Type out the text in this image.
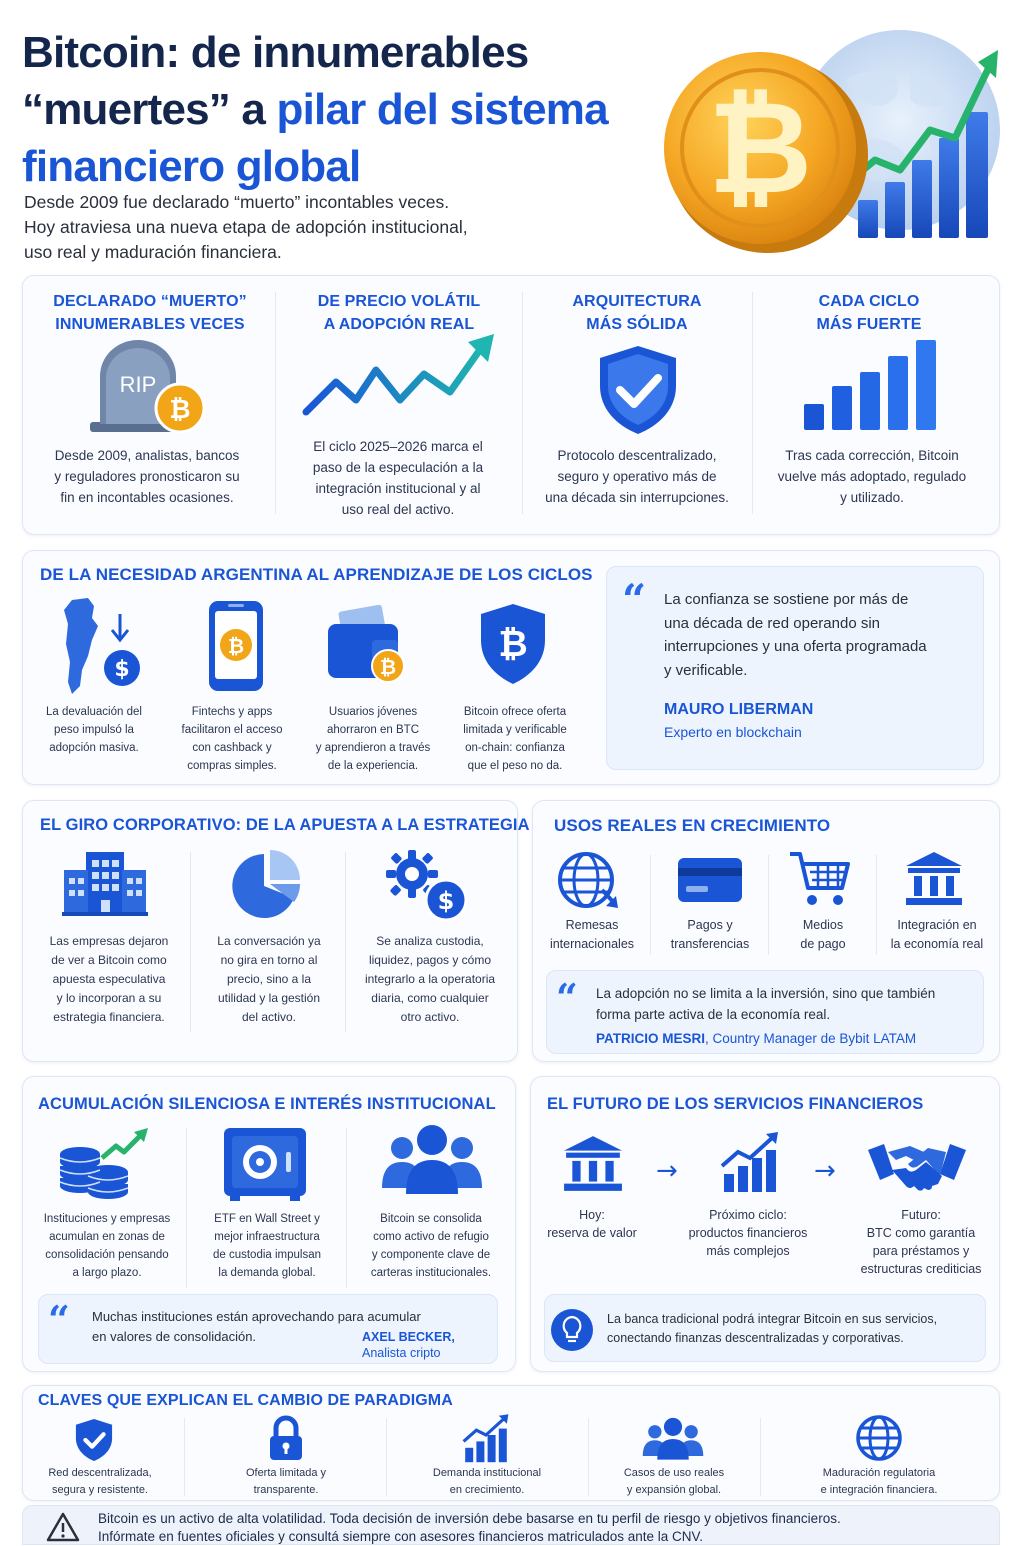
Bitcoin: de innumerables
“muertes” a pilar del sistema
financiero global
Desde 2009 fue declarado “muerto” incontables veces.
Hoy atraviesa una nueva etapa de adopción institucional,
uso real y maduración financiera.
₿
DECLARADO “MUERTO”
INNUMERABLES VECES
RIP
₿
Desde 2009, analistas, bancos
y reguladores pronosticaron su
fin en incontables ocasiones.
DE PRECIO VOLÁTIL
A ADOPCIÓN REAL
El ciclo 2025–2026 marca el
paso de la especulación a la
integración institucional y al
uso real del activo.
ARQUITECTURA
MÁS SÓLIDA
Protocolo descentralizado,
seguro y operativo más de
una década sin interrupciones.
CADA CICLO
MÁS FUERTE
Tras cada corrección, Bitcoin
vuelve más adoptado, regulado
y utilizado.
DE LA NECESIDAD ARGENTINA AL APRENDIZAJE DE LOS CICLOS
$
La devaluación del
peso impulsó la
adopción masiva.
₿
Fintechs y apps
facilitaron el acceso
con cashback y
compras simples.
₿
Usuarios jóvenes
ahorraron en BTC
y aprendieron a través
de la experiencia.
₿
Bitcoin ofrece oferta
limitada y verificable
on-chain: confianza
que el peso no da.
“ La confianza se sostiene por más de
una década de red operando sin
interrupciones y una oferta programada
y verificable.
MAURO LIBERMAN
Experto en blockchain
EL GIRO CORPORATIVO: DE LA APUESTA A LA ESTRATEGIA
Las empresas dejaron
de ver a Bitcoin como
apuesta especulativa
y lo incorporan a su
estrategia financiera.
La conversación ya
no gira en torno al
precio, sino a la
utilidad y la gestión
del activo.
$
Se analiza custodia,
liquidez, pagos y cómo
integrarlo a la operatoria
diaria, como cualquier
otro activo.
USOS REALES EN CRECIMIENTO
Remesas
internacionales
Pagos y
transferencias
Medios
de pago
Integración en
la economía real
“ La adopción no se limita a la inversión, sino que también
forma parte activa de la economía real.
PATRICIO MESRI, Country Manager de Bybit LATAM
ACUMULACIÓN SILENCIOSA E INTERÉS INSTITUCIONAL
Instituciones y empresas
acumulan en zonas de
consolidación pensando
a largo plazo.
ETF en Wall Street y
mejor infraestructura
de custodia impulsan
la demanda global.
Bitcoin se consolida
como activo de refugio
y componente clave de
carteras institucionales.
“ Muchas instituciones están aprovechando para acumular
en valores de consolidación.	AXEL BECKER,
Analista cripto
EL FUTURO DE LOS SERVICIOS FINANCIEROS
→
Hoy:
reserva de valor
→
Próximo ciclo:
productos financieros
más complejos
Futuro:
BTC como garantía
para préstamos y
estructuras crediticias
La banca tradicional podrá integrar Bitcoin en sus servicios,
conectando finanzas descentralizadas y corporativas.
CLAVES QUE EXPLICAN EL CAMBIO DE PARADIGMA
Red descentralizada,
segura y resistente.
Oferta limitada y
transparente.
Demanda institucional
en crecimiento.
Casos de uso reales
y expansión global.
Maduración regulatoria
e integración financiera.
Bitcoin es un activo de alta volatilidad. Toda decisión de inversión debe basarse en tu perfil de riesgo y objetivos financieros.
Infórmate en fuentes oficiales y consultá siempre con asesores financieros matriculados ante la CNV.
